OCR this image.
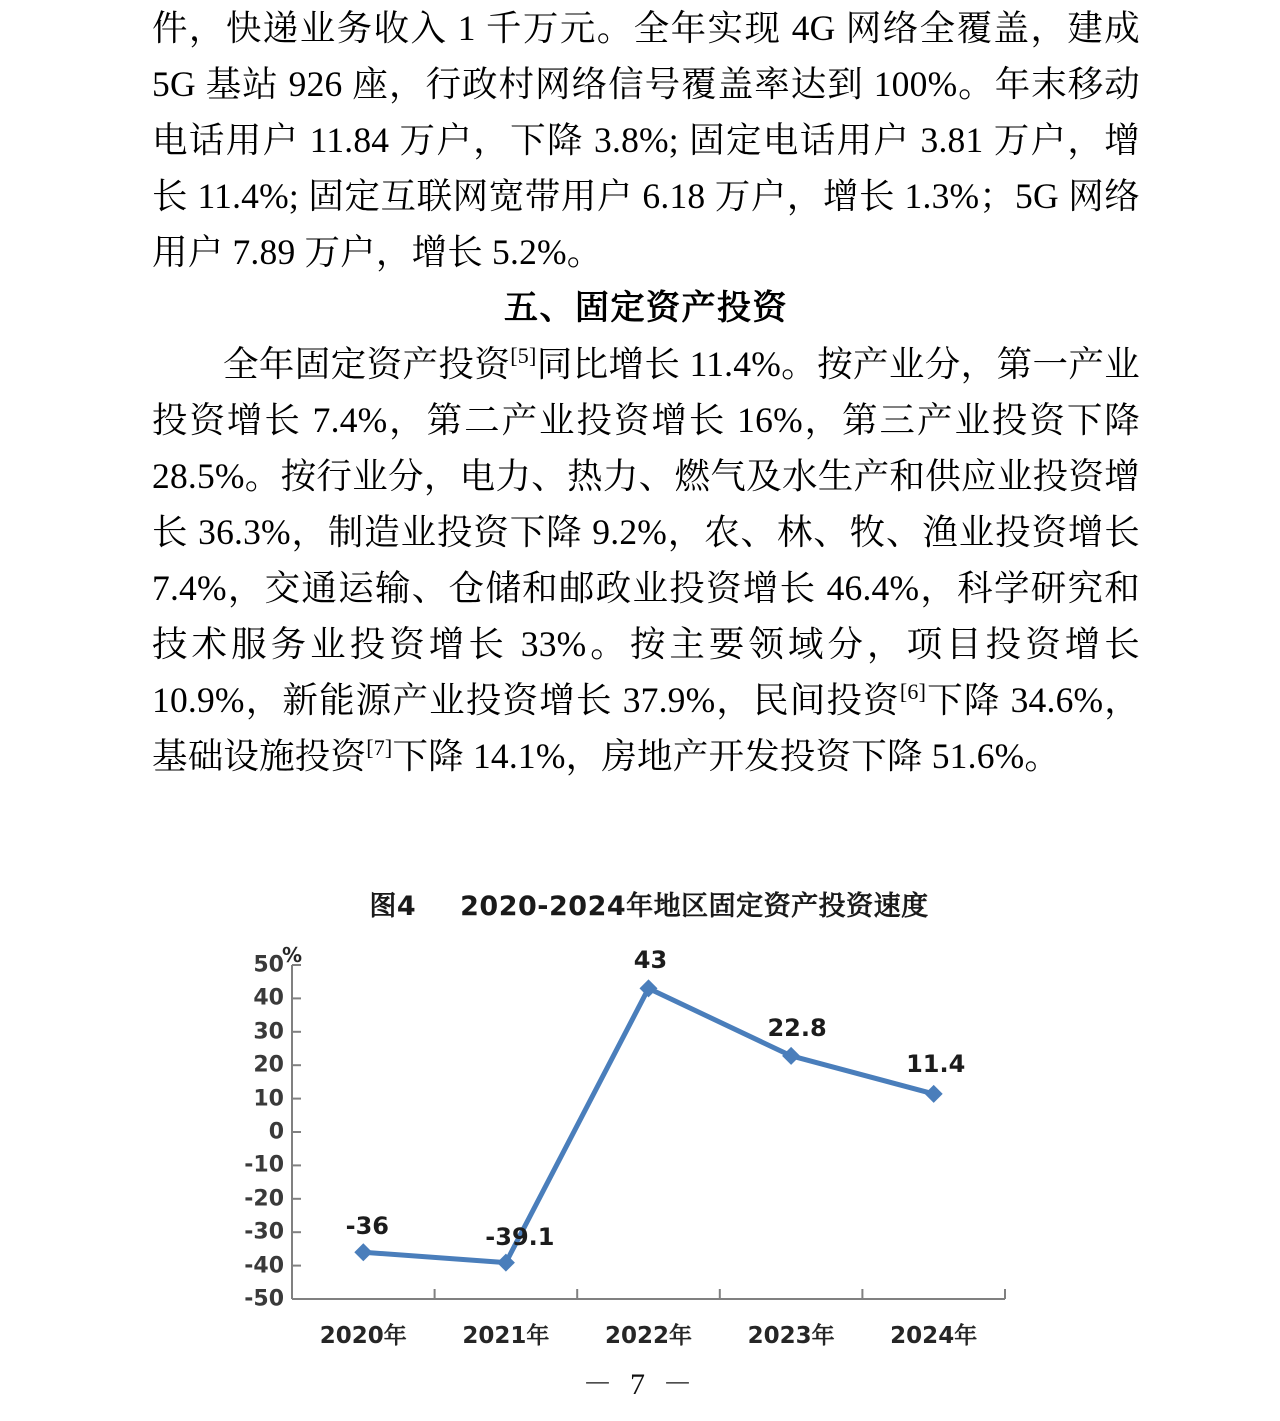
件，快递业务收入 1 千万元。全年实现 4G 网络全覆盖，建成 5G 基站 926 座，行政村网络信号覆盖率达到 100%。年末移动电话用户 11.84 万户，下降 3.8%; 固定电话用户 3.81 万户，增长 11.4%; 固定互联网宽带用户 6.18 万户，增长 1.3%；5G 网络用户 7.89 万户，增长 5.2%。

五、固定资产投资

全年固定资产投资[5]同比增长 11.4%。按产业分，第一产业投资增长 7.4%，第二产业投资增长 16%，第三产业投资下降 28.5%。按行业分，电力、热力、燃气及水生产和供应业投资增长 36.3%，制造业投资下降 9.2%，农、林、牧、渔业投资增长 7.4%，交通运输、仓储和邮政业投资增长 46.4%，科学研究和技术服务业投资增长 33%。按主要领域分，项目投资增长 10.9%，新能源产业投资增长 37.9%，民间投资[6]下降 34.6%，基础设施投资[7]下降 14.1%，房地产开发投资下降 51.6%。

图4 2020-2024年地区固定资产投资速度
%
50
40
30
20
10
0
-10
-20
-30
-40
-50
2020年 2021年 2022年 2023年 2024年
-36	-39.1
43
22.8
11.4
－ 7 －
